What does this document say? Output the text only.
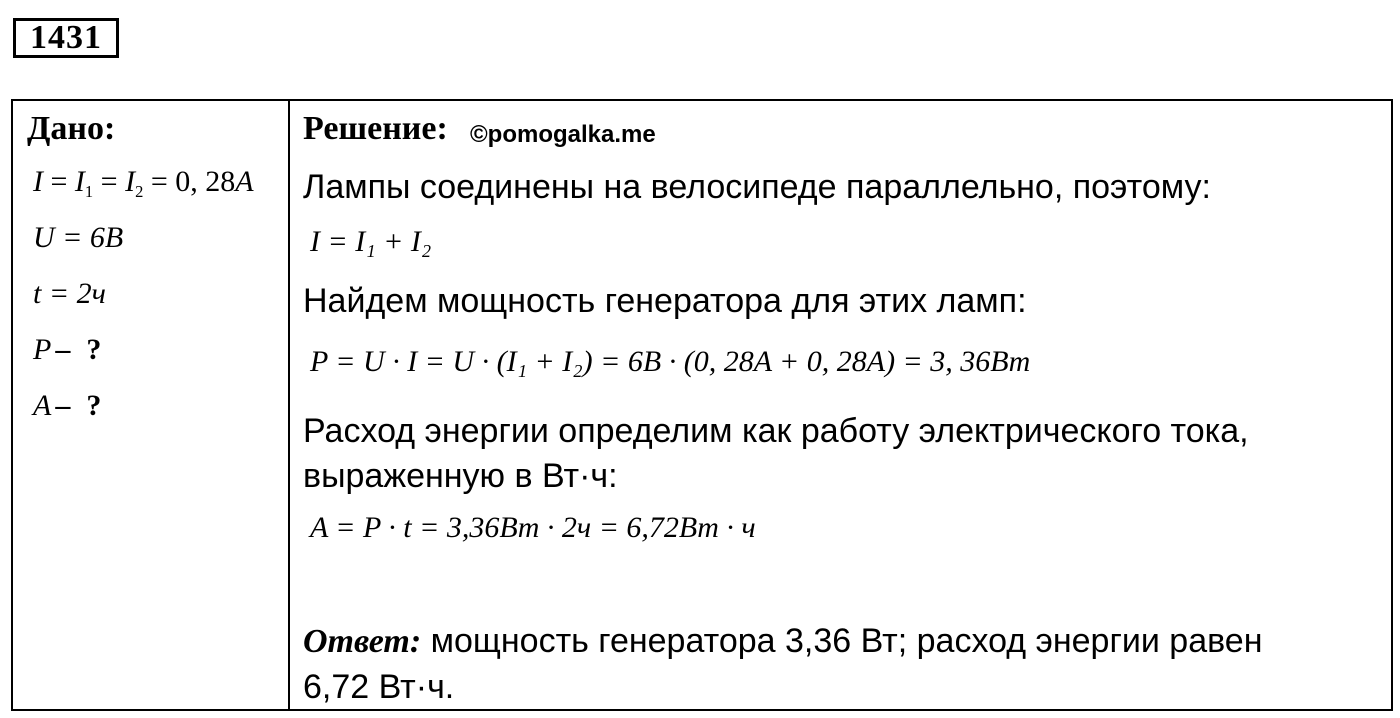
1431
Дано:
$I = I_1 = I_2 = 0$, 28A
U = 6B
t = 2ч
P – ?
A – ?
Решение: ©pomogalka.me
Лампы соединены на велосипеде параллельно, поэтому:
I = I₁ + I₂
Найдем мощность генератора для этих ламп:
P = U · I = U · (I₁ + I₂) = 6B · (0, 28A + 0, 28A) = 3, 36Bm
Расход энергии определим как работу электрического тока,
выраженную в Вт·ч:
A = P · t = 3,36Bm · 2ч = 6,72Bm · ч
Ответ: мощность генератора 3,36 Вт; расход энергии равен
6,72 Вт·ч.
